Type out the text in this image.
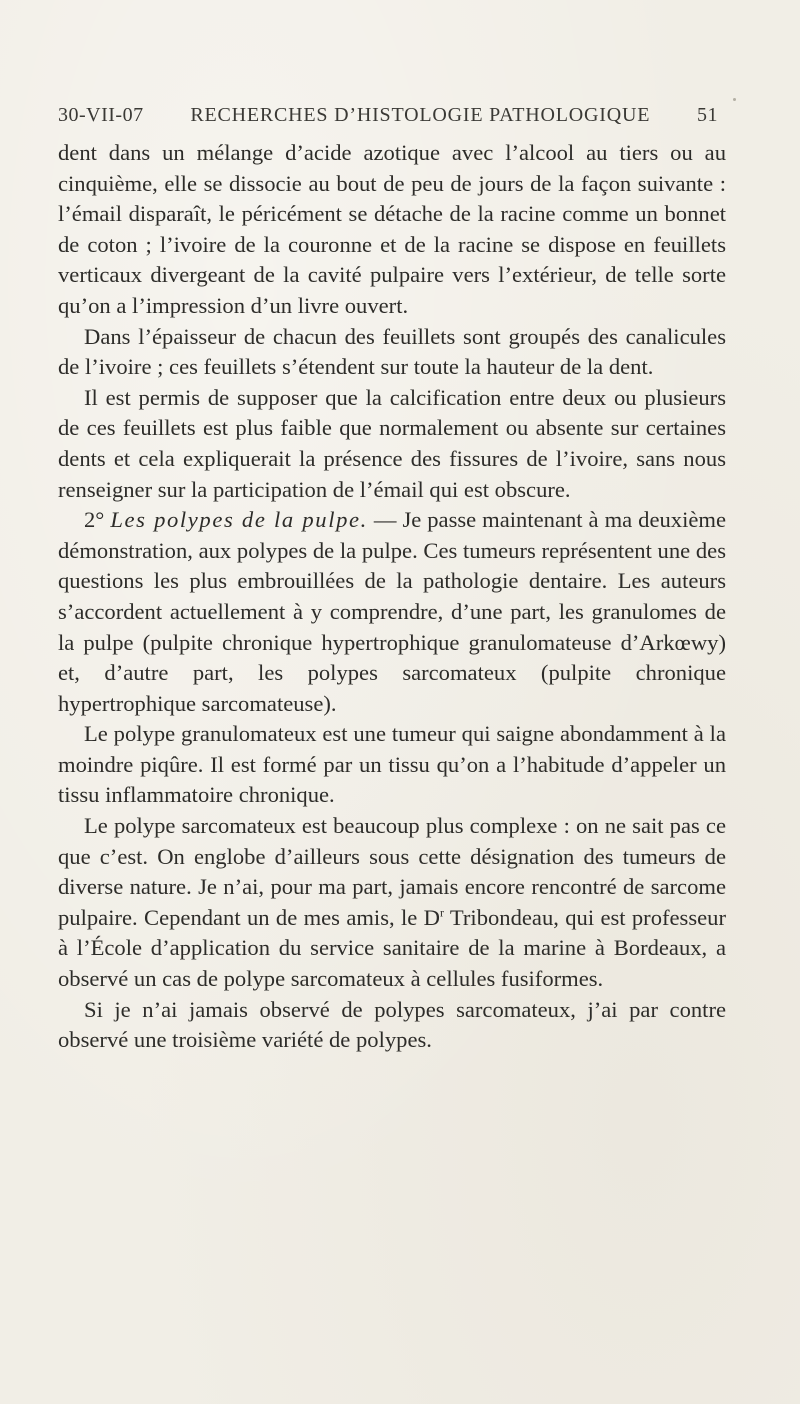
30-VII-07 RECHERCHES D’HISTOLOGIE PATHOLOGIQUE 51

dent dans un mélange d’acide azotique avec l’alcool au tiers ou au cinquième, elle se dissocie au bout de peu de jours de la façon suivante : l’émail disparaît, le péricément se détache de la racine comme un bonnet de coton ; l’ivoire de la couronne et de la racine se dispose en feuillets verticaux divergeant de la cavité pulpaire vers l’extérieur, de telle sorte qu’on a l’impression d’un livre ouvert.

Dans l’épaisseur de chacun des feuillets sont groupés des canalicules de l’ivoire ; ces feuillets s’étendent sur toute la hauteur de la dent.

Il est permis de supposer que la calcification entre deux ou plusieurs de ces feuillets est plus faible que normalement ou absente sur certaines dents et cela expliquerait la présence des fissures de l’ivoire, sans nous renseigner sur la participation de l’émail qui est obscure.

2° Les polypes de la pulpe. — Je passe maintenant à ma deuxième démonstration, aux polypes de la pulpe. Ces tumeurs représentent une des questions les plus embrouillées de la pathologie dentaire. Les auteurs s’accordent actuellement à y comprendre, d’une part, les granulomes de la pulpe (pulpite chronique hypertrophique granulomateuse d’Arkœwy) et, d’autre part, les polypes sarcomateux (pulpite chronique hypertrophique sarcomateuse).

Le polype granulomateux est une tumeur qui saigne abondamment à la moindre piqûre. Il est formé par un tissu qu’on a l’habitude d’appeler un tissu inflammatoire chronique.

Le polype sarcomateux est beaucoup plus complexe : on ne sait pas ce que c’est. On englobe d’ailleurs sous cette désignation des tumeurs de diverse nature. Je n’ai, pour ma part, jamais encore rencontré de sarcome pulpaire. Cependant un de mes amis, le $D^r$ Tribondeau, qui est professeur à l’École d’application du service sanitaire de la marine à Bordeaux, a observé un cas de polype sarcomateux à cellules fusiformes.

Si je n’ai jamais observé de polypes sarcomateux, j’ai par contre observé une troisième variété de polypes.
